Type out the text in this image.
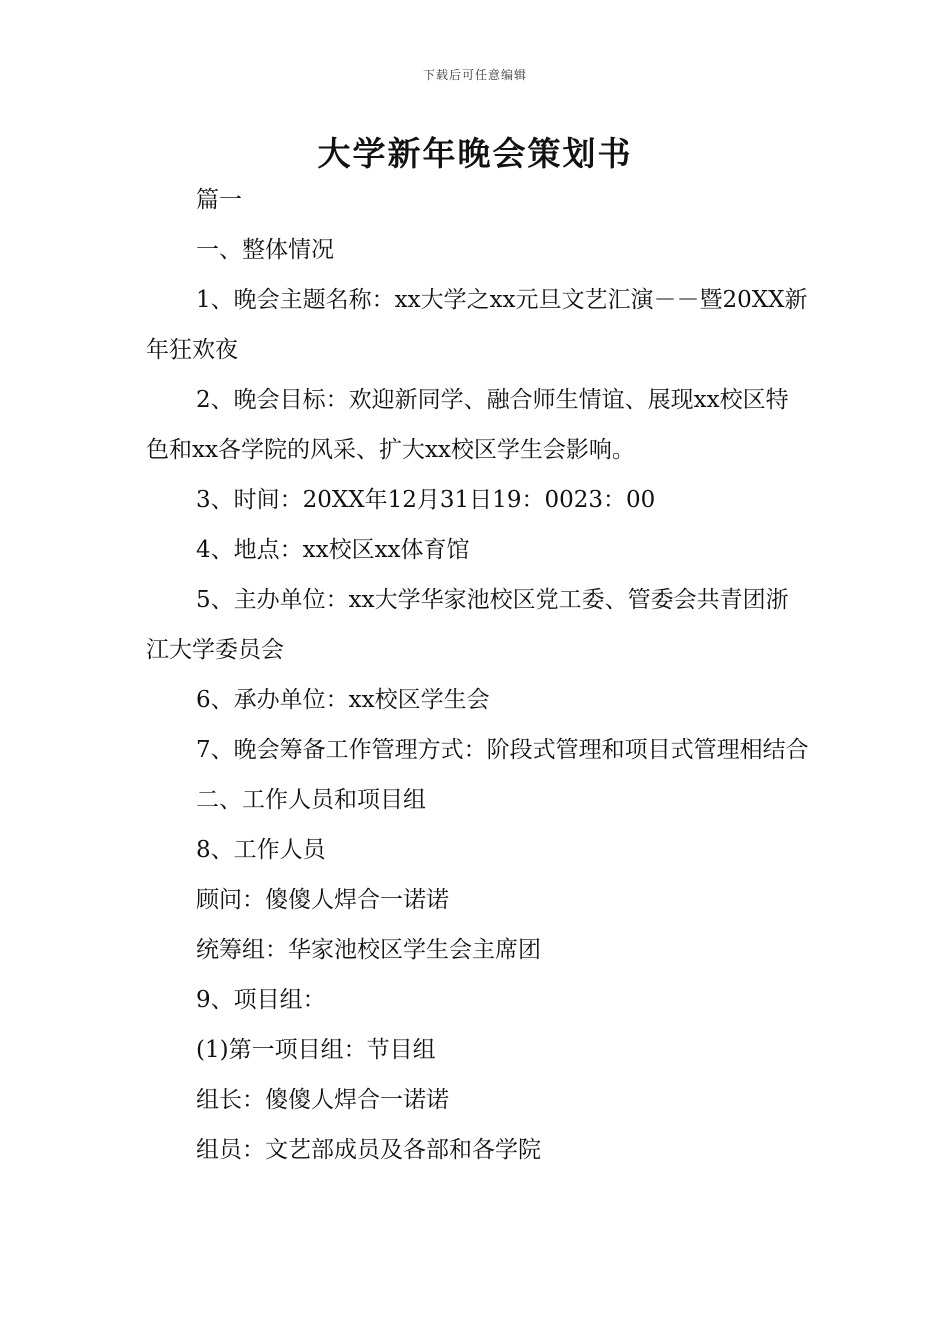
下载后可任意编辑
大学新年晚会策划书

篇一

一、整体情况

1、晚会主题名称：xx大学之xx元旦文艺汇演－－暨20XX新年狂欢夜

2、晚会目标：欢迎新同学、融合师生情谊、展现xx校区特色和xx各学院的风采、扩大xx校区学生会影响。

3、时间：20XX年12月31日19：0023：00

4、地点：xx校区xx体育馆

5、主办单位：xx大学华家池校区党工委、管委会共青团浙江大学委员会

6、承办单位：xx校区学生会

7、晚会筹备工作管理方式：阶段式管理和项目式管理相结合

二、工作人员和项目组

8、工作人员

顾问：傻傻人焊合一诺诺

统筹组：华家池校区学生会主席团

9、项目组：

(1)第一项目组：节目组

组长：傻傻人焊合一诺诺

组员：文艺部成员及各部和各学院
